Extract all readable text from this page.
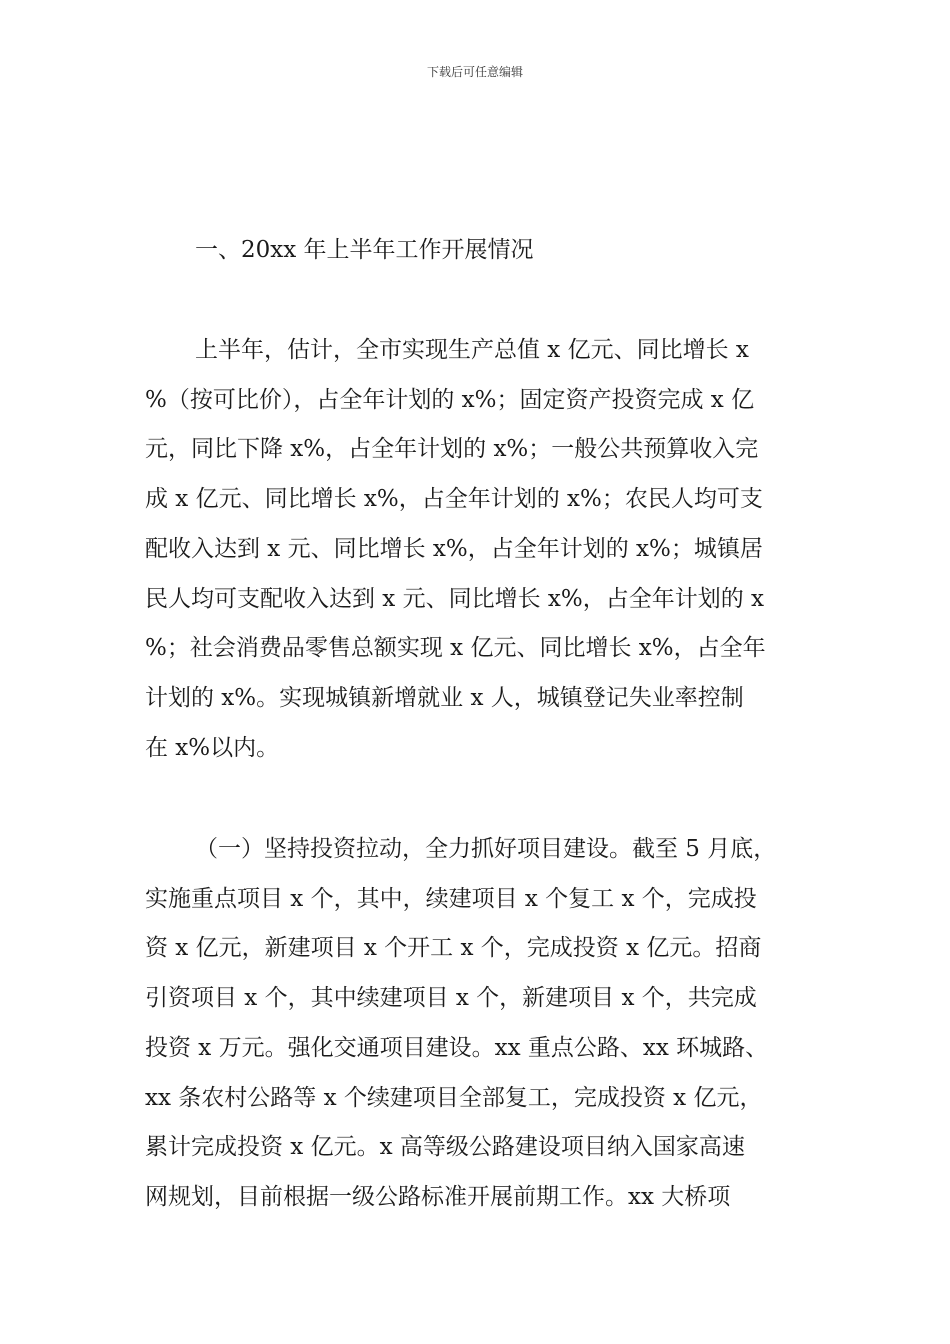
下载后可任意编辑
一、20xx 年上半年工作开展情况
上半年，估计，全市实现生产总值 x 亿元、同比增长 x
%（按可比价），占全年计划的 x%；固定资产投资完成 x 亿
元，同比下降 x%，占全年计划的 x%；一般公共预算收入完
成 x 亿元、同比增长 x%，占全年计划的 x%；农民人均可支
配收入达到 x 元、同比增长 x%，占全年计划的 x%；城镇居
民人均可支配收入达到 x 元、同比增长 x%，占全年计划的 x
%；社会消费品零售总额实现 x 亿元、同比增长 x%，占全年
计划的 x%。实现城镇新增就业 x 人，城镇登记失业率控制
在 x%以内。
（一）坚持投资拉动，全力抓好项目建设。截至 5 月底，
实施重点项目 x 个，其中，续建项目 x 个复工 x 个，完成投
资 x 亿元，新建项目 x 个开工 x 个，完成投资 x 亿元。招商
引资项目 x 个，其中续建项目 x 个，新建项目 x 个，共完成
投资 x 万元。强化交通项目建设。xx 重点公路、xx 环城路、
xx 条农村公路等 x 个续建项目全部复工，完成投资 x 亿元，
累计完成投资 x 亿元。x 高等级公路建设项目纳入国家高速
网规划，目前根据一级公路标准开展前期工作。xx 大桥项
